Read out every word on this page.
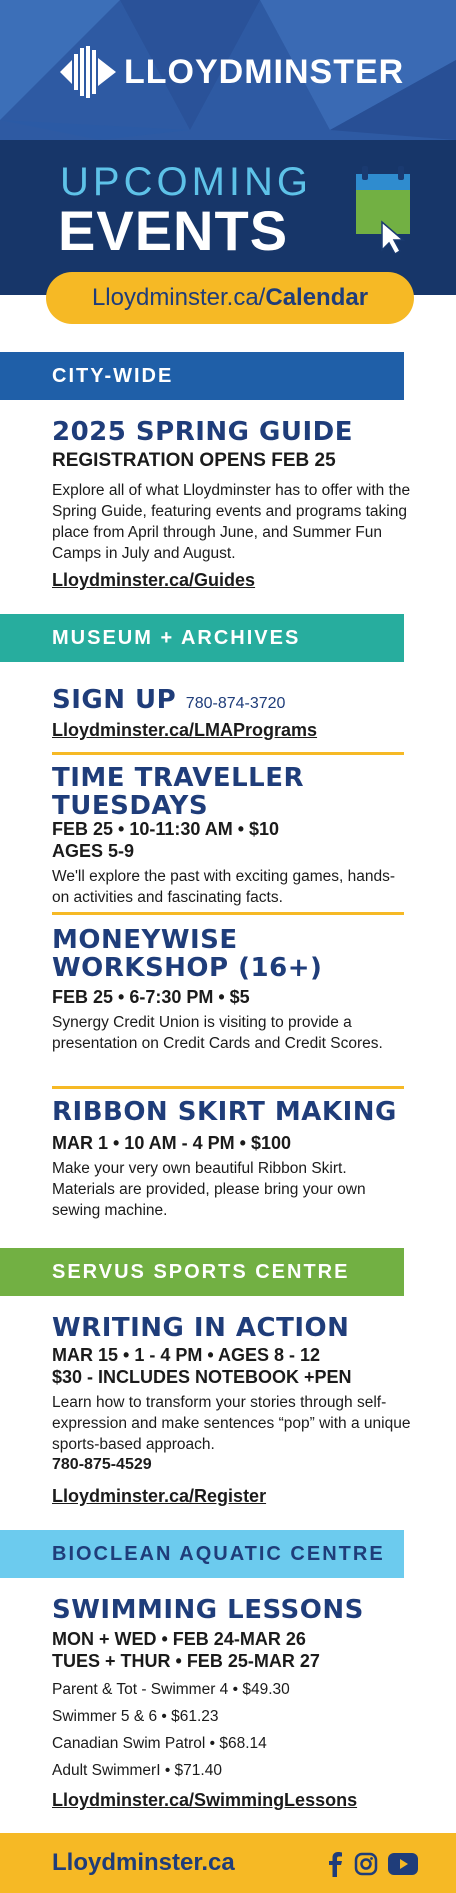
LLOYDMINSTER
UPCOMING
EVENTS
Lloydminster.ca/ Calendar
CITY-WIDE
2025 SPRING GUIDE
REGISTRATION OPENS FEB 25
Explore all of what Lloydminster has to offer with the Spring Guide, featuring events and programs taking place from April through June, and Summer Fun Camps in July and August.
Lloydminster.ca/Guides
MUSEUM + ARCHIVES
SIGN UP 780-874-3720
Lloydminster.ca/LMAPrograms
TIME TRAVELLER
TUESDAYS
FEB 25 • 10-11:30 AM • $10
AGES 5-9
We'll explore the past with exciting games, hands-on activities and fascinating facts.
MONEYWISE
WORKSHOP (16+)
FEB 25 • 6-7:30 PM • $5
Synergy Credit Union is visiting to provide a presentation on Credit Cards and Credit Scores.
RIBBON SKIRT MAKING
MAR 1 • 10 AM - 4 PM • $100
Make your very own beautiful Ribbon Skirt. Materials are provided, please bring your own sewing machine.
SERVUS SPORTS CENTRE
WRITING IN ACTION
MAR 15 • 1 - 4 PM • AGES 8 - 12
$30 - INCLUDES NOTEBOOK +PEN
Learn how to transform your stories through self-expression and make sentences “pop” with a unique sports-based approach.
780-875-4529
Lloydminster.ca/Register
BIOCLEAN AQUATIC CENTRE
SWIMMING LESSONS
MON + WED • FEB 24-MAR 26
TUES + THUR • FEB 25-MAR 27
Parent & Tot - Swimmer 4 • $49.30
Swimmer 5 & 6 • $61.23
Canadian Swim Patrol • $68.14
Adult SwimmerI • $71.40
Lloydminster.ca/SwimmingLessons
Lloydminster.ca
